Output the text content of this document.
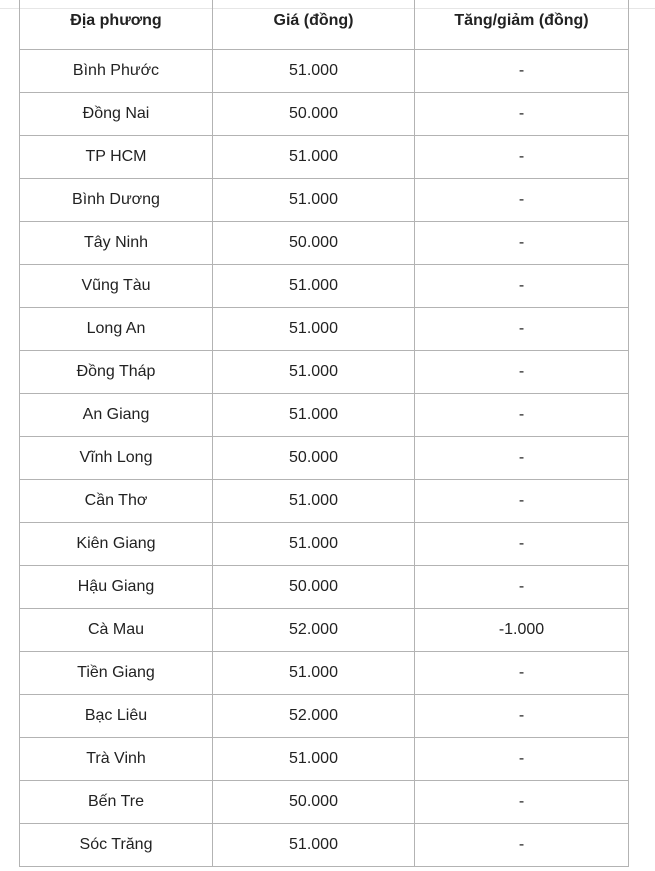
Địa phương	Giá (đồng)	Tăng/giảm (đồng)
Bình Phước	51.000	-
Đồng Nai	50.000	-
TP HCM	51.000	-
Bình Dương	51.000	-
Tây Ninh	50.000	-
Vũng Tàu	51.000	-
Long An	51.000	-
Đồng Tháp	51.000	-
An Giang	51.000	-
Vĩnh Long	50.000	-
Cần Thơ	51.000	-
Kiên Giang	51.000	-
Hậu Giang	50.000	-
Cà Mau	52.000	-1.000
Tiền Giang	51.000	-
Bạc Liêu	52.000	-
Trà Vinh	51.000	-
Bến Tre	50.000	-
Sóc Trăng	51.000	-
